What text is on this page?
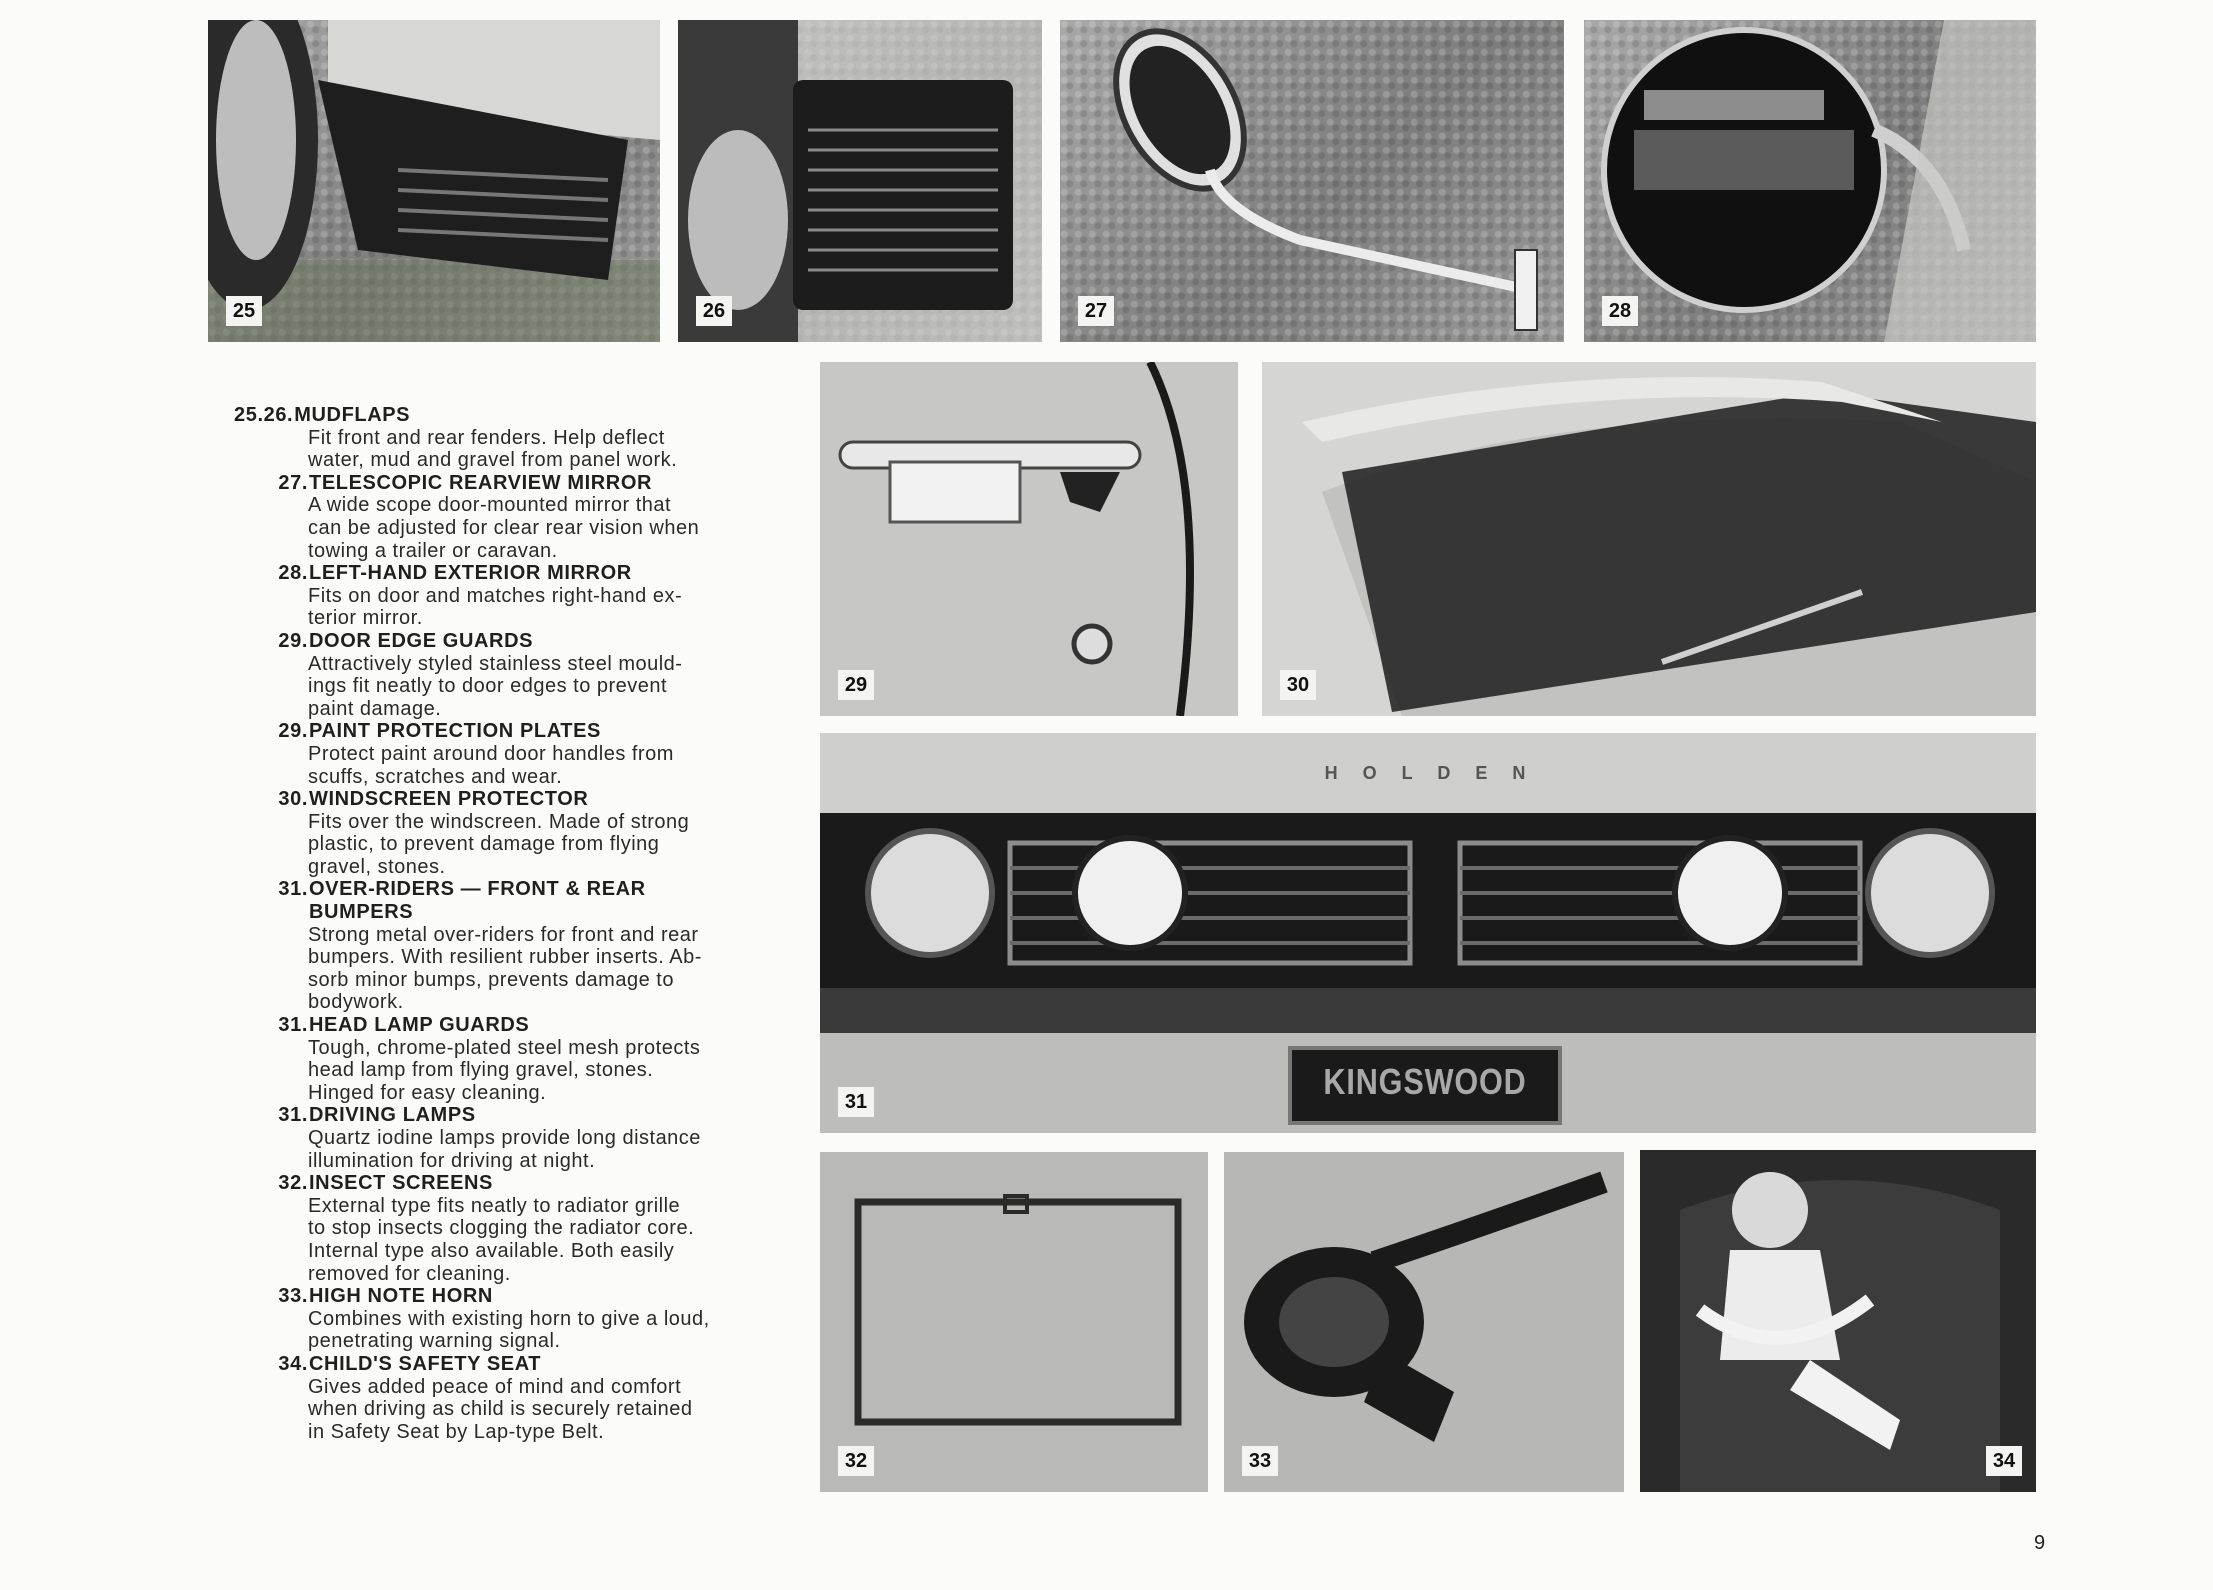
25	26	27	28
29	30
H O L D E N
KINGSWOOD
31
32	33	34
25.26. MUDFLAPS
Fit front and rear fenders. Help deflect
water, mud and gravel from panel work.
27. TELESCOPIC REARVIEW MIRROR
A wide scope door-mounted mirror that
can be adjusted for clear rear vision when
towing a trailer or caravan.
28. LEFT-HAND EXTERIOR MIRROR
Fits on door and matches right-hand ex-
terior mirror.
29. DOOR EDGE GUARDS
Attractively styled stainless steel mould-
ings fit neatly to door edges to prevent
paint damage.
29. PAINT PROTECTION PLATES
Protect paint around door handles from
scuffs, scratches and wear.
30. WINDSCREEN PROTECTOR
Fits over the windscreen. Made of strong
plastic, to prevent damage from flying
gravel, stones.
31. OVER-RIDERS — FRONT & REAR
BUMPERS
Strong metal over-riders for front and rear
bumpers. With resilient rubber inserts. Ab-
sorb minor bumps, prevents damage to
bodywork.
31. HEAD LAMP GUARDS
Tough, chrome-plated steel mesh protects
head lamp from flying gravel, stones.
Hinged for easy cleaning.
31. DRIVING LAMPS
Quartz iodine lamps provide long distance
illumination for driving at night.
32. INSECT SCREENS
External type fits neatly to radiator grille
to stop insects clogging the radiator core.
Internal type also available. Both easily
removed for cleaning.
33. HIGH NOTE HORN
Combines with existing horn to give a loud,
penetrating warning signal.
34. CHILD'S SAFETY SEAT
Gives added peace of mind and comfort
when driving as child is securely retained
in Safety Seat by Lap-type Belt.
9
